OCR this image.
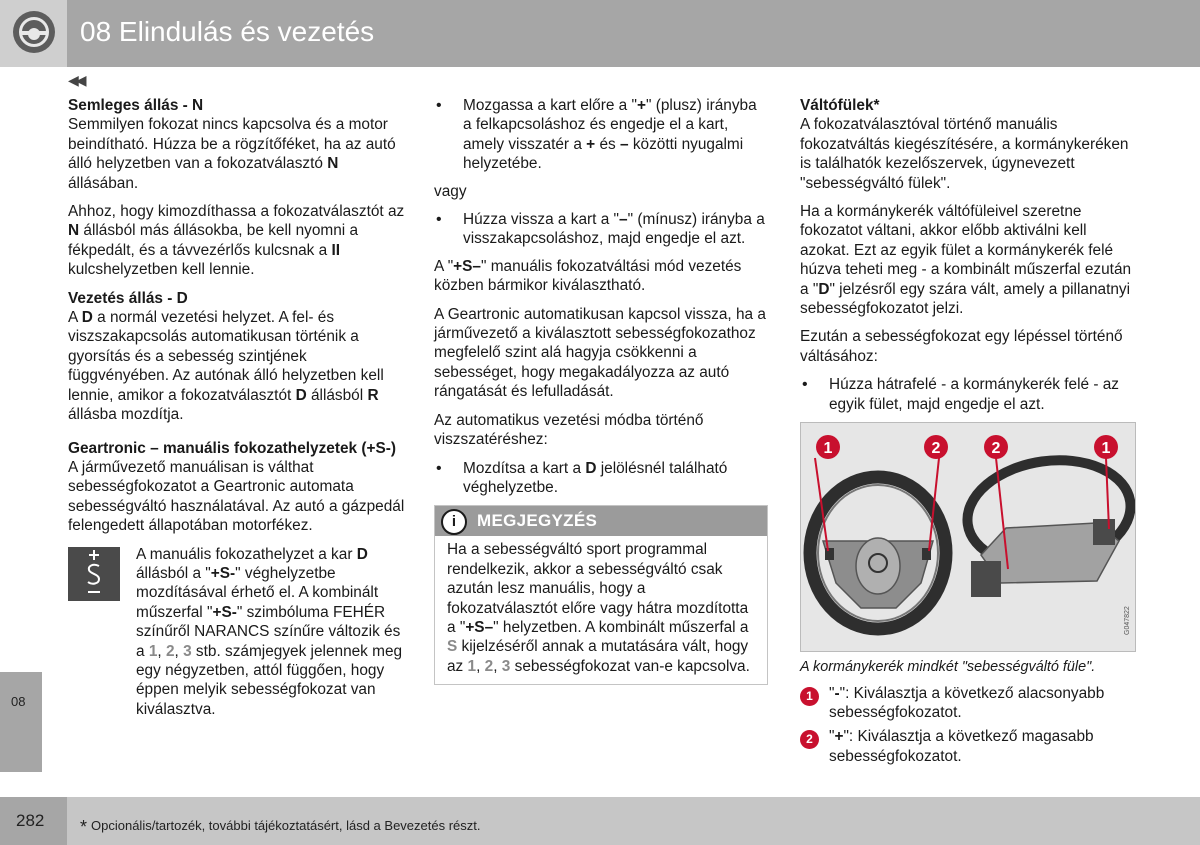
08 Elindulás és vezetés
◀◀
Semleges állás - N

Semmilyen fokozat nincs kapcsolva és a motor beindítható. Húzza be a rögzítőféket, ha az autó álló helyzetben van a fokozatválasztó N állásában.

Ahhoz, hogy kimozdíthassa a fokozatválasztót az N állásból más állásokba, be kell nyomni a fékpedált, és a távvezérlős kulcsnak a II kulcshelyzetben kell lennie.

Vezetés állás - D

A D a normál vezetési helyzet. A fel- és viszszakapcsolás automatikusan történik a gyorsítás és a sebesség szintjének függvényében. Az autónak álló helyzetben kell lennie, amikor a fokozatválasztót D állásból R állásba mozdítja.

Geartronic – manuális fokozathelyzetek (+S-)

A járművezető manuálisan is válthat sebességfokozatot a Geartronic automata sebességváltó használatával. Az autó a gázpedál felengedett állapotában motorfékez.

A manuális fokozathelyzet a kar D állásból a "+S-" véghelyzetbe mozdításával érhető el. A kombinált műszerfal "+S-" szimbóluma FEHÉR színűről NARANCS színűre változik és a 1, 2, 3 stb. számjegyek jelennek meg egy négyzetben, attól függően, hogy éppen melyik sebességfokozat van kiválasztva.

• Mozgassa a kart előre a "+" (plusz) irányba a felkapcsoláshoz és engedje el a kart, amely visszatér a + és – közötti nyugalmi helyzetébe.

vagy

• Húzza vissza a kart a "–" (mínusz) irányba a visszakapcsoláshoz, majd engedje el azt.

A "+S–" manuális fokozatváltási mód vezetés közben bármikor kiválasztható.

A Geartronic automatikusan kapcsol vissza, ha a járművezető a kiválasztott sebességfokozathoz megfelelő szint alá hagyja csökkenni a sebességet, hogy megakadályozza az autó rángatását és lefulladását.

Az automatikus vezetési módba történő viszszatéréshez:

• Mozdítsa a kart a D jelölésnél található véghelyzetbe.
i	MEGJEGYZÉS
Ha a sebességváltó sport programmal rendelkezik, akkor a sebességváltó csak azután lesz manuális, hogy a fokozatválasztót előre vagy hátra mozdította a "+S–" helyzetben. A kombinált műszerfal a S kijelzéséről annak a mutatására vált, hogy az 1, 2, 3 sebességfokozat van-e kapcsolva.
Váltófülek*

A fokozatválasztóval történő manuális fokozatváltás kiegészítésére, a kormánykeréken is találhatók kezelőszervek, úgynevezett "sebességváltó fülek".

Ha a kormánykerék váltófüleivel szeretne fokozatot váltani, akkor előbb aktiválni kell azokat. Ezt az egyik fület a kormánykerék felé húzva teheti meg - a kombinált műszerfal ezután a "D" jelzésről egy szára vált, amely a pillanatnyi sebességfokozatot jelzi.

Ezután a sebességfokozat egy lépéssel történő váltásához:

• Húzza hátrafelé - a kormánykerék felé - az egyik fület, majd engedje el azt.
1	2	2	1
G047822
A kormánykerék mindkét "sebességváltó füle".
1	"-": Kiválasztja a következő alacsonyabb sebességfokozatot.
2	"+": Kiválasztja a következő magasabb sebességfokozatot.
08
282 * Opcionális/tartozék, további tájékoztatásért, lásd a Bevezetés részt.
